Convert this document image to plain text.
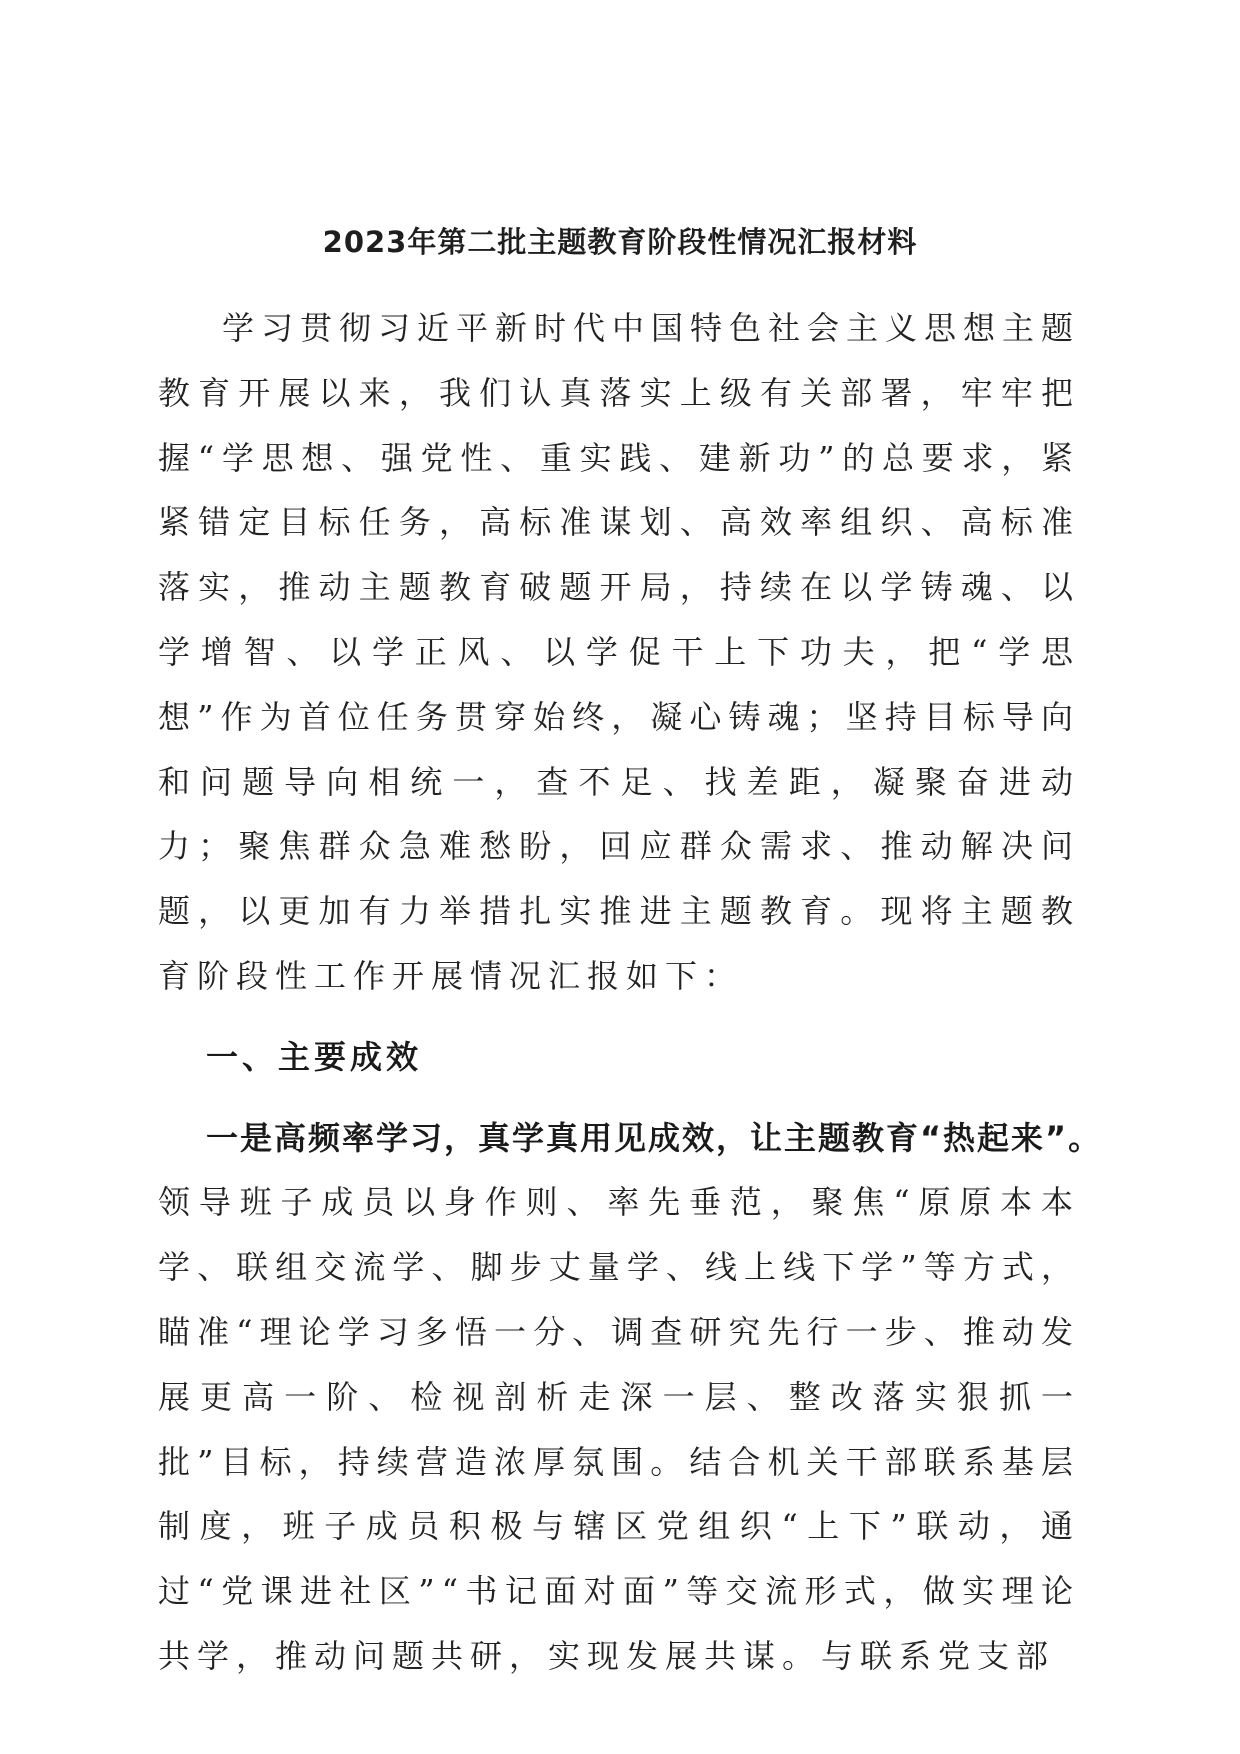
2023年第二批主题教育阶段性情况汇报材料

学习贯彻习近平新时代中国特色社会主义思想主题教育开展以来，我们认真落实上级有关部署，牢牢把握“学思想、强党性、重实践、建新功”的总要求，紧紧错定目标任务，高标准谋划、高效率组织、高标准落实，推动主题教育破题开局，持续在以学铸魂、以学增智、以学正风、以学促干上下功夫，把“学思想”作为首位任务贯穿始终，凝心铸魂；坚持目标导向和问题导向相统一，查不足、找差距，凝聚奋进动力；聚焦群众急难愁盼，回应群众需求、推动解决问题，以更加有力举措扎实推进主题教育。现将主题教育阶段性工作开展情况汇报如下：

一、主要成效

一是高频率学习，真学真用见成效，让主题教育“热起来”。领导班子成员以身作则、率先垂范，聚焦“原原本本学、联组交流学、脚步丈量学、线上线下学”等方式，瞄准“理论学习多悟一分、调查研究先行一步、推动发展更高一阶、检视剖析走深一层、整改落实狠抓一批”目标，持续营造浓厚氛围。结合机关干部联系基层制度，班子成员积极与辖区党组织“上下”联动，通过“党课进社区”“书记面对面”等交流形式，做实理论共学，推动问题共研，实现发展共谋。与联系党支部
